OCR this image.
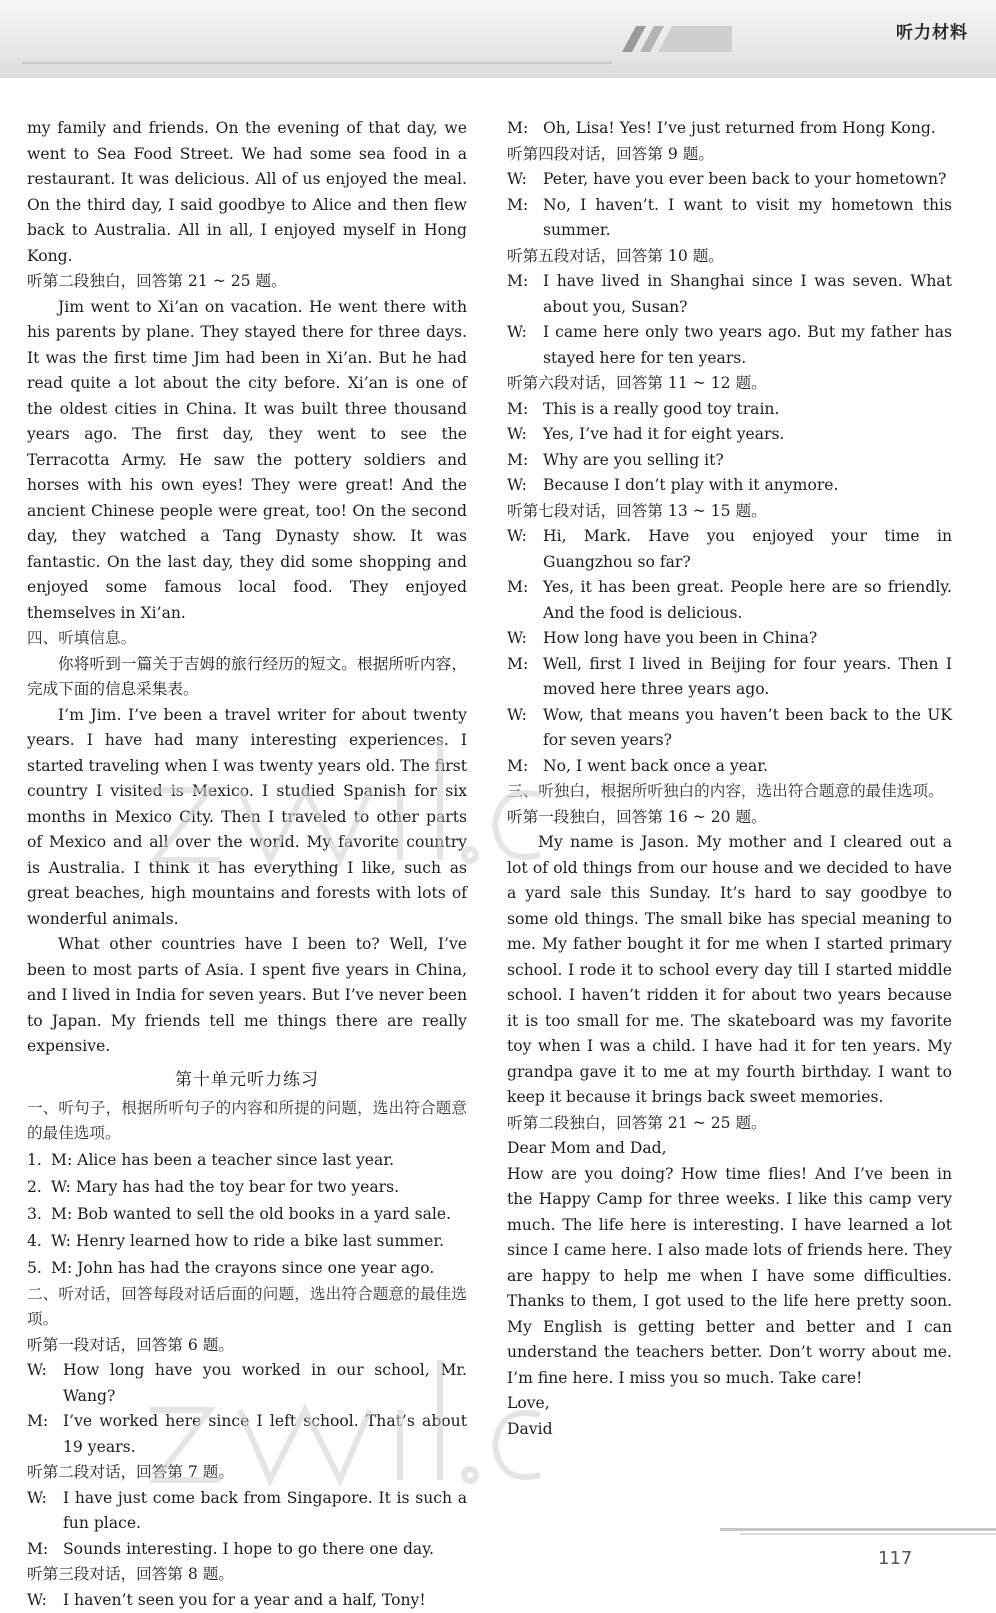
听力材料

my family and friends. On the evening of that day, we went to Sea Food Street. We had some sea food in a restaurant. It was delicious. All of us enjoyed the meal. On the third day, I said goodbye to Alice and then flew back to Australia. All in all, I enjoyed myself in Hong Kong.

听第二段独白，回答第 21 ~ 25 题。

Jim went to Xi’an on vacation. He went there with his parents by plane. They stayed there for three days. It was the first time Jim had been in Xi’an. But he had read quite a lot about the city before. Xi’an is one of the oldest cities in China. It was built three thousand years ago. The first day, they went to see the Terracotta Army. He saw the pottery soldiers and horses with his own eyes! They were great! And the ancient Chinese people were great, too! On the second day, they watched a Tang Dynasty show. It was fantastic. On the last day, they did some shopping and enjoyed some famous local food. They enjoyed themselves in Xi’an.

四、听填信息。

你将听到一篇关于吉姆的旅行经历的短文。根据所听内容，完成下面的信息采集表。

I’m Jim. I’ve been a travel writer for about twenty years. I have had many interesting experiences. I started traveling when I was twenty years old. The first country I visited is Mexico. I studied Spanish for six months in Mexico City. Then I traveled to other parts of Mexico and all over the world. My favorite country is Australia. I think it has everything I like, such as great beaches, high mountains and forests with lots of wonderful animals.

What other countries have I been to? Well, I’ve been to most parts of Asia. I spent five years in China, and I lived in India for seven years. But I’ve never been to Japan. My friends tell me things there are really expensive.

第十单元听力练习

一、听句子，根据所听句子的内容和所提的问题，选出符合题意的最佳选项。

1. M: Alice has been a teacher since last year.
2. W: Mary has had the toy bear for two years.
3. M: Bob wanted to sell the old books in a yard sale.
4. W: Henry learned how to ride a bike last summer.
5. M: John has had the crayons since one year ago.

二、听对话，回答每段对话后面的问题，选出符合题意的最佳选项。

听第一段对话，回答第 6 题。

W:	How long have you worked in our school, Mr. Wang?
M: I’ve worked here since I left school. That’s about 19 years.

听第二段对话，回答第 7 题。

W:	I have just come back from Singapore. It is such a fun place.
M: Sounds interesting. I hope to go there one day.

听第三段对话，回答第 8 题。

W:	I haven’t seen you for a year and a half, Tony!
M: Oh, Lisa! Yes! I’ve just returned from Hong Kong.

听第四段对话，回答第 9 题。

W:	Peter, have you ever been back to your hometown?
M: No, I haven’t. I want to visit my hometown this summer.

听第五段对话，回答第 10 题。

M: I have lived in Shanghai since I was seven. What about you, Susan?
W:	I came here only two years ago. But my father has stayed here for ten years.

听第六段对话，回答第 11 ~ 12 题。

M: This is a really good toy train.
W:	Yes, I’ve had it for eight years.
M: Why are you selling it?
W:	Because I don’t play with it anymore.

听第七段对话，回答第 13 ~ 15 题。

W:	Hi, Mark. Have you enjoyed your time in Guangzhou so far?
M: Yes, it has been great. People here are so friendly. And the food is delicious.
W:	How long have you been in China?
M: Well, first I lived in Beijing for four years. Then I moved here three years ago.
W:	Wow, that means you haven’t been back to the UK for seven years?
M: No, I went back once a year.

三、听独白，根据所听独白的内容，选出符合题意的最佳选项。

听第一段独白，回答第 16 ~ 20 题。

My name is Jason. My mother and I cleared out a lot of old things from our house and we decided to have a yard sale this Sunday. It’s hard to say goodbye to some old things. The small bike has special meaning to me. My father bought it for me when I started primary school. I rode it to school every day till I started middle school. I haven’t ridden it for about two years because it is too small for me. The skateboard was my favorite toy when I was a child. I have had it for ten years. My grandpa gave it to me at my fourth birthday. I want to keep it because it brings back sweet memories.

听第二段独白，回答第 21 ~ 25 题。

Dear Mom and Dad,

How are you doing? How time flies! And I’ve been in the Happy Camp for three weeks. I like this camp very much. The life here is interesting. I have learned a lot since I came here. I also made lots of friends here. They are happy to help me when I have some difficulties. Thanks to them, I got used to the life here pretty soon. My English is getting better and better and I can understand the teachers better. Don’t worry about me. I’m fine here. I miss you so much. Take care!

Love,

David

117
